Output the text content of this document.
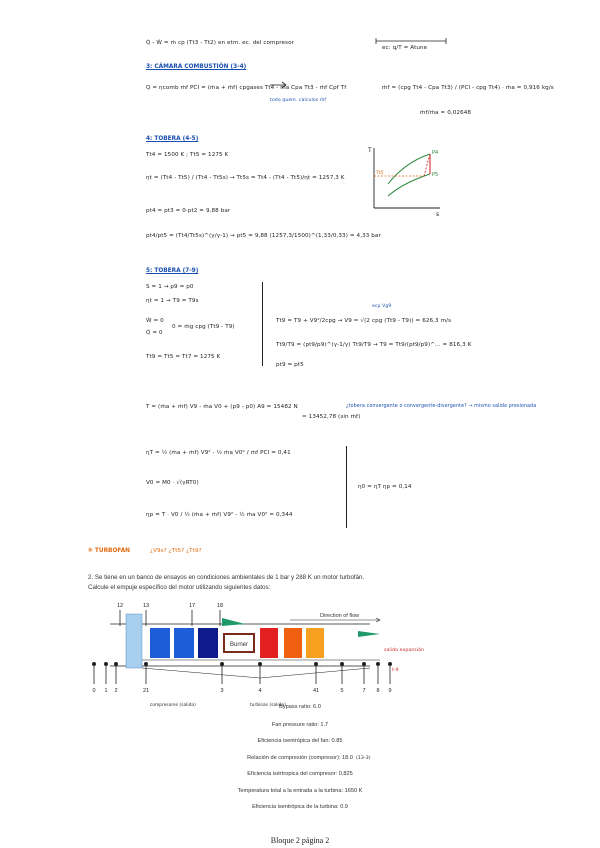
Q̇ - Ẇ = ṁ cp (Tt3 - Tt2) en etm. ec. del compresor
ec: q/T = Atune
3: CÁMARA COMBUSTIÓN (3-4)
Q = ηcomb ṁf PCI = (ṁa + ṁf) cpgases Tt4 - ṁa Cpa Tt3 - ṁf Cpf Tf
todo quem. calculos ṁf
ṁf = (cpg Tt4 - Cpa Tt3) / (PCI - cpg Tt4) · ṁa = 0,916 kg/s
ṁf/ṁa = 0,02648
4: TOBERA (4-5)
Tt4 = 1500 K ; Tt5 = 1275 K
ηt = (Tt4 - Tt5) / (Tt4 - Tt5s) → Tt5s = Tt4 - (Tt4 - Tt5)/ηt = 1257,3 K
pt4 = pt3 = 0·pt2 = 9,88 bar
pt4/pt5 = (Tt4/Tt5s)^(γ/γ-1) → pt5 = 9,88 (1257,3/1500)^(1,33/0,33) = 4,33 bar
T
s
P4
P5
Tt5
5: TOBERA (7-9)
S = 1 → p9 = p0
ηt = 1 → T9 = T9s
Ẇ = 0
Q̇ = 0
0 = ṁg cpg (Tt9 - T9)
Tt9 = Tt5 = Tt7 = 1275 K
ecp Vg9
Tt9 = T9 + V9²/2cpg → V9 = √(2 cpg (Tt9 - T9)) = 626,3 m/s
Tt9/T9 = (pt9/p9)^(γ-1/γ) Tt9/T9 → T9 = Tt9/(pt9/p9)^... = 816,3 K
pt9 = pt5
T = (ṁa + ṁf) V9 - ṁa V0 + (p9 - p0) A9 = 15482 N	¿tobera convergente o convergente-divergente? → mismo salida presionada
≈ 13452,78 (sin ṁf)
ηT = ½ (ṁa + ṁf) V9² - ½ ṁa V0² / ṁf PCI = 0,41
V0 = M0 · √(γRT0)
ηp = T · V0 / ½ (ṁa + ṁf) V9² - ½ ṁa V0² = 0,344
η0 = ηT ηp = 0,14
⑥ TURBOFAN	¿V9s? ¿Tt5? ¿Tt9?
2. Se tiene en un banco de ensayos en condiciones ambientales de 1 bar y 288 K un motor turbofán.
Calcule el empuje específico del motor utilizando siguientes datos:
0 1 2	21	3	4	41	5	7 8 9
12	13	17	18
Burner
Direction of flow
salida expansión
t-9
compresores (salida)	turbinas (salida)
Bypass ratio: 6.0
Fan pressure ratio: 1.7
Eficiencia isentrópica del fan: 0.85
Relación de compresión (compresor): 18.0 (13-3)
Eficiencia isértropica del compresor: 0.825
Temperatura total a la entrada a la turbina: 1650 K
Eficiencia isentrópica de la turbina: 0.9
Bloque 2 página 2
